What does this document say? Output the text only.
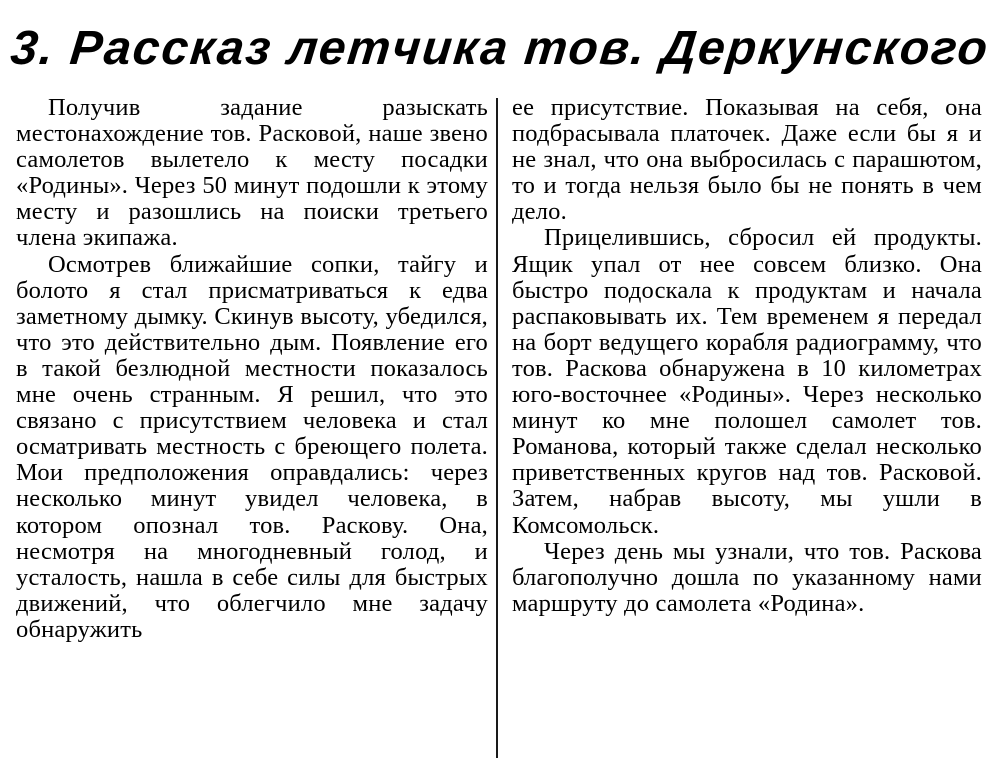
3. Рассказ летчика тов. Деркунского

Получив задание разыскать местонахождение тов. Расковой, наше звено самолетов вылетело к месту посадки «Родины». Через 50 минут подошли к этому месту и разошлись на поиски третьего члена экипажа.

Осмотрев ближайшие сопки, тайгу и болото я стал присматриваться к едва заметному дымку. Скинув высоту, убедился, что это действительно дым. Появление его в такой безлюдной местности показалось мне очень странным. Я решил, что это связано с присутствием человека и стал осматривать местность с бреющего полета. Мои предположения оправдались: через несколько минут увидел человека, в котором опознал тов. Раскову. Она, несмотря на многодневный голод, и усталость, нашла в себе силы для быстрых движений, что облегчило мне задачу обнаружить

ее присутствие. Показывая на себя, она подбрасывала платочек. Даже если бы я и не знал, что она выбросилась с парашютом, то и тогда нельзя было бы не понять в чем дело.

Прицелившись, сбросил ей продукты. Ящик упал от нее совсем близко. Она быстро подоскала к продуктам и начала распаковывать их. Тем временем я передал на борт ведущего корабля радиограмму, что тов. Раскова обнаружена в 10 километрах юго-восточнее «Родины». Через несколько минут ко мне полошел самолет тов. Романова, который также сделал несколько приветственных кругов над тов. Расковой. Затем, набрав высоту, мы ушли в Комсомольск.

Через день мы узнали, что тов. Раскова благополучно дошла по указанному нами маршруту до самолета «Родина».
